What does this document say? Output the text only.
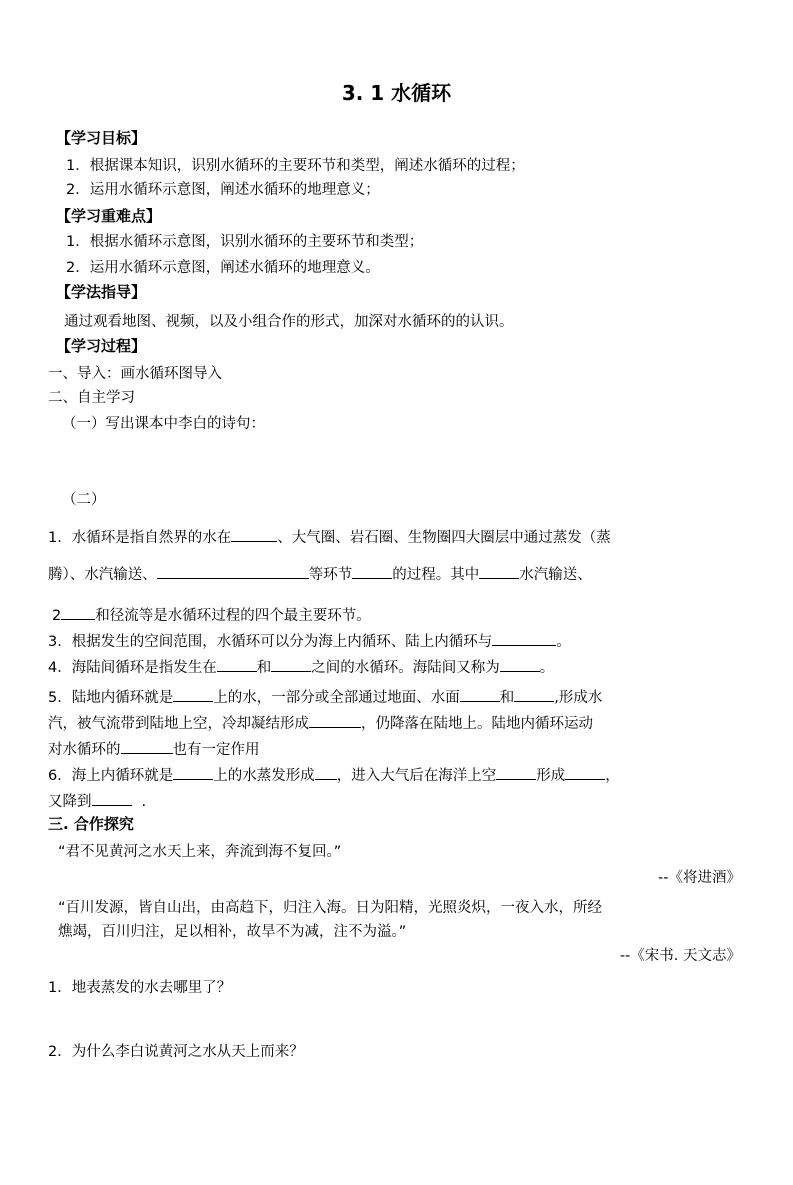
3. 1 水循环
【学习目标】
1．根据课本知识，识别水循环的主要环节和类型，阐述水循环的过程；
2．运用水循环示意图，阐述水循环的地理意义；
【学习重难点】
1．根据水循环示意图，识别水循环的主要环节和类型；
2．运用水循环示意图，阐述水循环的地理意义。
【学法指导】
通过观看地图、视频，以及小组合作的形式，加深对水循环的的认识。
【学习过程】
一、导入：画水循环图导入
二、自主学习
（一）写出课本中李白的诗句：
（二）
1．水循环是指自然界的水在	、大气圈、岩石圈、生物圈四大圈层中通过蒸发（蒸
腾）、水汽输送、	等环节	的过程。其中	水汽输送、
2 和径流等是水循环过程的四个最主要环节。
3．根据发生的空间范围，水循环可以分为海上内循环、陆上内循环与	。
4．海陆间循环是指发生在	和	之间的水循环。海陆间又称为	。
5．陆地内循环就是	上的水，一部分或全部通过地面、水面	和	,形成水
汽，被气流带到陆地上空，冷却凝结形成	，仍降落在陆地上。陆地内循环运动
对水循环的	也有一定作用
6．海上内循环就是	上的水蒸发形成 ，进入大气后在海洋上空	形成	，
又降到	.
三. 合作探究
“君不见黄河之水天上来，奔流到海不复回。”
--《将进酒》
“百川发源，皆自山出，由高趋下，归注入海。日为阳精，光照炎炽，一夜入水，所经
燋竭，百川归注，足以相补，故旱不为减，注不为溢。”
--《宋书. 天文志》
1．地表蒸发的水去哪里了？
2．为什么李白说黄河之水从天上而来？
